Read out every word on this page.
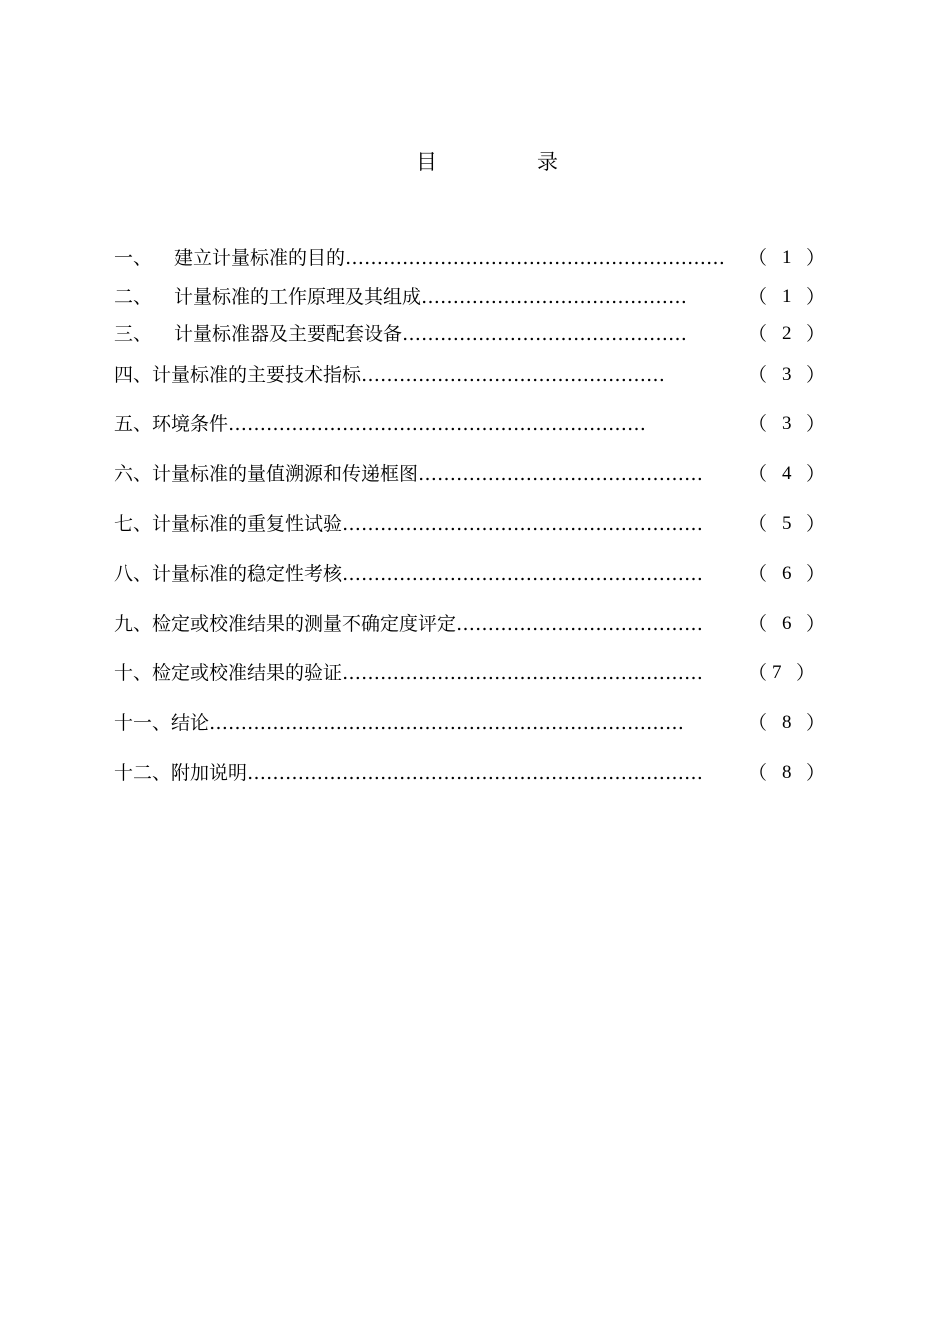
目	录
一、 建立计量标准的目的……………………………………………………	（ 1 ）
二、 计量标准的工作原理及其组成……………………………………	（ 1 ）
三、 计量标准器及主要配套设备………………………………………	（ 2 ）
四、计量标准的主要技术指标…………………………………………	（ 3 ）
五、环境条件…………………………………………………………	（ 3 ）
六、计量标准的量值溯源和传递框图………………………………………	（ 4 ）
七、计量标准的重复性试验…………………………………………………	（ 5 ）
八、计量标准的稳定性考核…………………………………………………	（ 6 ）
九、检定或校准结果的测量不确定度评定…………………………………	（ 6 ）
十、检定或校准结果的验证…………………………………………………	（ 7 ）
十一、结论…………………………………………………………………	（ 8 ）
十二、附加说明………………………………………………………………	（ 8 ）
